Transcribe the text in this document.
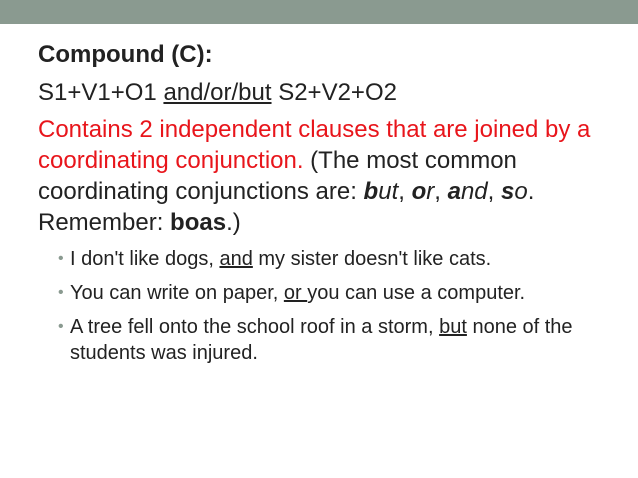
Compound (C):

S1+V1+O1 and/or/but S2+V2+O2

Contains 2 independent clauses that are joined by a coordinating conjunction. (The most common coordinating conjunctions are: but, or, and, so. Remember: boas.)

• I don't like dogs, and my sister doesn't like cats.
• You can write on paper, or you can use a computer.
• A tree fell onto the school roof in a storm, but none of the students was injured.
